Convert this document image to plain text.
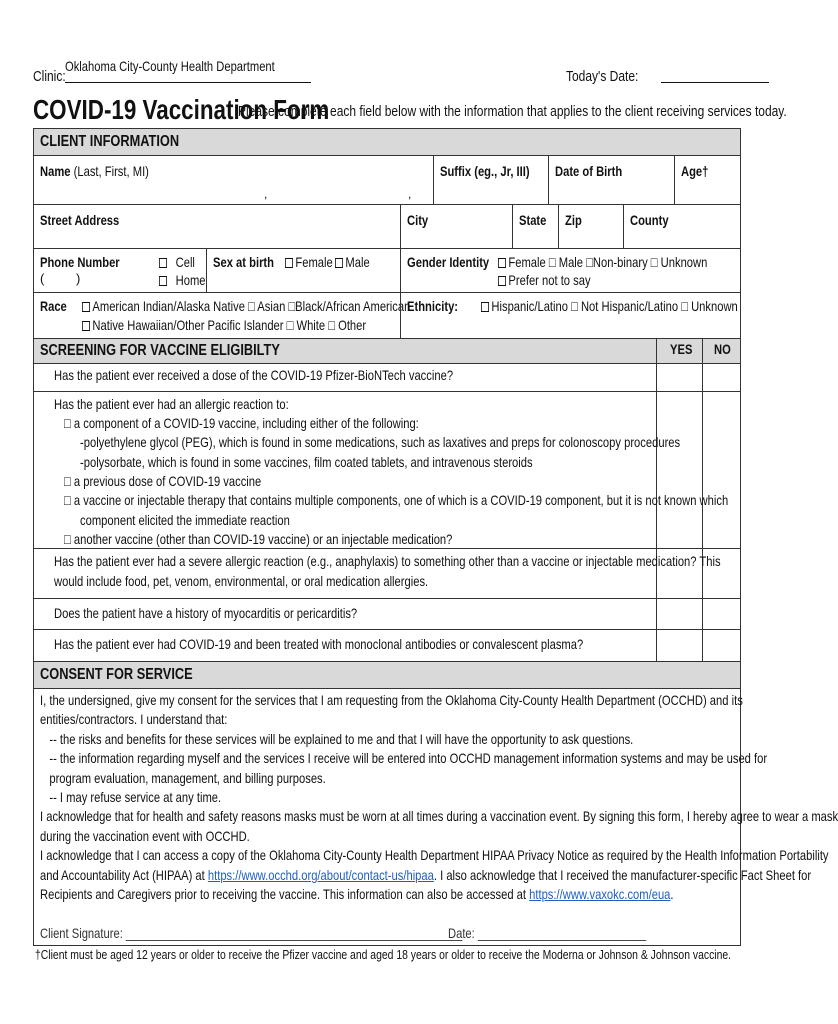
Clinic:
Oklahoma City-County Health Department
Today's Date:
COVID-19 Vaccination Form
Please complete each field below with the information that applies to the client receiving services today.
CLIENT INFORMATION
Name (Last, First, MI)
,	,
Suffix (eg., Jr, III) Date of Birth	Age†
Street Address	City	State Zip	County
Phone Number
( )
Cell
Home
Sex at birth	Female Male	Gender Identity	Female □ Male □Non-binary □ Unknown
Prefer not to say
Race	American Indian/Alaska Native □ Asian □Black/African American
Native Hawaiian/Other Pacific Islander □ White □ Other
Ethnicity:	Hispanic/Latino □ Not Hispanic/Latino □ Unknown
SCREENING FOR VACCINE ELIGIBILTY	YES NO
Has the patient ever received a dose of the COVID-19 Pfizer-BioNTech vaccine?
Has the patient ever had an allergic reaction to:
□ a component of a COVID-19 vaccine, including either of the following:
-polyethylene glycol (PEG), which is found in some medications, such as laxatives and preps for colonoscopy procedures
-polysorbate, which is found in some vaccines, film coated tablets, and intravenous steroids
□ a previous dose of COVID-19 vaccine
□ a vaccine or injectable therapy that contains multiple components, one of which is a COVID-19 component, but it is not known which
component elicited the immediate reaction
□ another vaccine (other than COVID-19 vaccine) or an injectable medication?
Has the patient ever had a severe allergic reaction (e.g., anaphylaxis) to something other than a vaccine or injectable medication? This
would include food, pet, venom, environmental, or oral medication allergies.
Does the patient have a history of myocarditis or pericarditis?
Has the patient ever had COVID-19 and been treated with monoclonal antibodies or convalescent plasma?
CONSENT FOR SERVICE
I, the undersigned, give my consent for the services that I am requesting from the Oklahoma City-County Health Department (OCCHD) and its
entities/contractors. I understand that:
-- the risks and benefits for these services will be explained to me and that I will have the opportunity to ask questions.
-- the information regarding myself and the services I receive will be entered into OCCHD management information systems and may be used for
program evaluation, management, and billing purposes.
-- I may refuse service at any time.
I acknowledge that for health and safety reasons masks must be worn at all times during a vaccination event. By signing this form, I hereby agree to wear a mask
during the vaccination event with OCCHD.
I acknowledge that I can access a copy of the Oklahoma City-County Health Department HIPAA Privacy Notice as required by the Health Information Portability
and Accountability Act (HIPAA) at https://www.occhd.org/about/contact-us/hipaa. I also acknowledge that I received the manufacturer-specific Fact Sheet for
Recipients and Caregivers prior to receiving the vaccine. This information can also be accessed at https://www.vaxokc.com/eua.
Client Signature: ______________________________________________________
Date: ___________________________
†Client must be aged 12 years or older to receive the Pfizer vaccine and aged 18 years or older to receive the Moderna or Johnson & Johnson vaccine.
